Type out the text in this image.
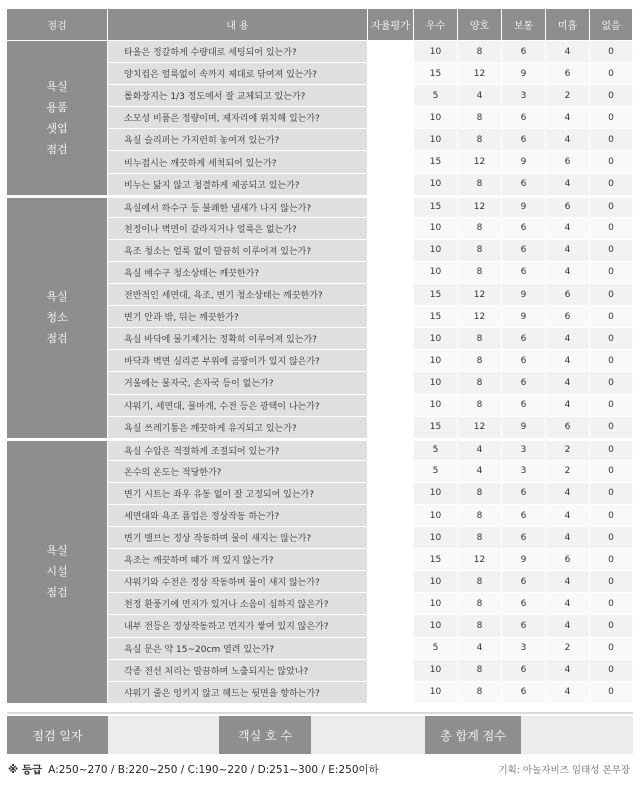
점검	내 용	자율평가	우수	양호	보통	미흡	없음
욕실
용품
셋업
점검	타올은 정갈하게 수량대로 세팅되어 있는가?		10	8	6	4	0
	양치컵은 얼룩없이 속까지 제대로 닦여져 있는가?		15	12	9	6	0
	롤화장지는 1/3 정도에서 잘 교체되고 있는가?		5	4	3	2	0
	소모성 비품은 정량이며, 제자리에 위치해 있는가?		10	8	6	4	0
	욕실 슬리퍼는 가지런히 놓여져 있는가?		10	8	6	4	0
	비누접시는 깨끗하게 세척되어 있는가?		15	12	9	6	0
	비누는 닳지 않고 청결하게 제공되고 있는가?		10	8	6	4	0
욕실
청소
점검	욕실에서 하수구 등 불쾌한 냄새가 나지 않는가?		15	12	9	6	0
	천정이나 벽면이 갈라지거나 얼룩은 없는가?		10	8	6	4	0
	욕조 청소는 얼룩 없이 말끔히 이루어져 있는가?		10	8	6	4	0
	욕실 배수구 청소상태는 깨끗한가?		10	8	6	4	0
	전반적인 세면대, 욕조, 변기 청소상태는 깨끗한가?		15	12	9	6	0
	변기 안과 밖, 뒤는 깨끗한가?		15	12	9	6	0
	욕실 바닥에 물기제거는 정확히 이루어져 있는가?		10	8	6	4	0
	바닥과 벽면 실리콘 부위에 곰팡이가 있지 않은가?		10	8	6	4	0
	거울에는 물자국, 손자국 등이 없는가?		10	8	6	4	0
	샤워기, 세면대, 물마개, 수전 등은 광택이 나는가?		10	8	6	4	0
	욕실 쓰레기통은 깨끗하게 유지되고 있는가?		15	12	9	6	0
욕실
시설
점검	욕실 수압은 적절하게 조절되어 있는가?		5	4	3	2	0
	온수의 온도는 적당한가?		5	4	3	2	0
	변기 시트는 좌우 유동 없이 잘 고정되어 있는가?		10	8	6	4	0
	세면대와 욕조 폼업은 정상작동 하는가?		10	8	6	4	0
	변기 밸브는 정상 작동하며 물이 새지는 않는가?		10	8	6	4	0
	욕조는 깨끗하며 때가 껴 있지 않는가?		15	12	9	6	0
	샤워기와 수전은 정상 작동하며 물이 새지 않는가?		10	8	6	4	0
	천정 환풍기에 먼지가 있거나 소음이 심하지 않은가?		10	8	6	4	0
	내부 전등은 정상작동하고 먼지가 쌓여 있지 않은가?		10	8	6	4	0
	욕실 문은 약 15~20cm 열려 있는가?		5	4	3	2	0
	각종 전선 처리는 말끔하며 노출되지는 않았나?		10	8	6	4	0
	샤워기 줄은 엉키지 않고 헤드는 뒷면을 향하는가?		10	8	6	4	0
점검 일자	객실 호 수	총 합계 점수
※ 등급 A:250~270 / B:220~250 / C:190~220 / D:251~300 / E:250이하	기획: 아놀자비즈 임태성 본부장
